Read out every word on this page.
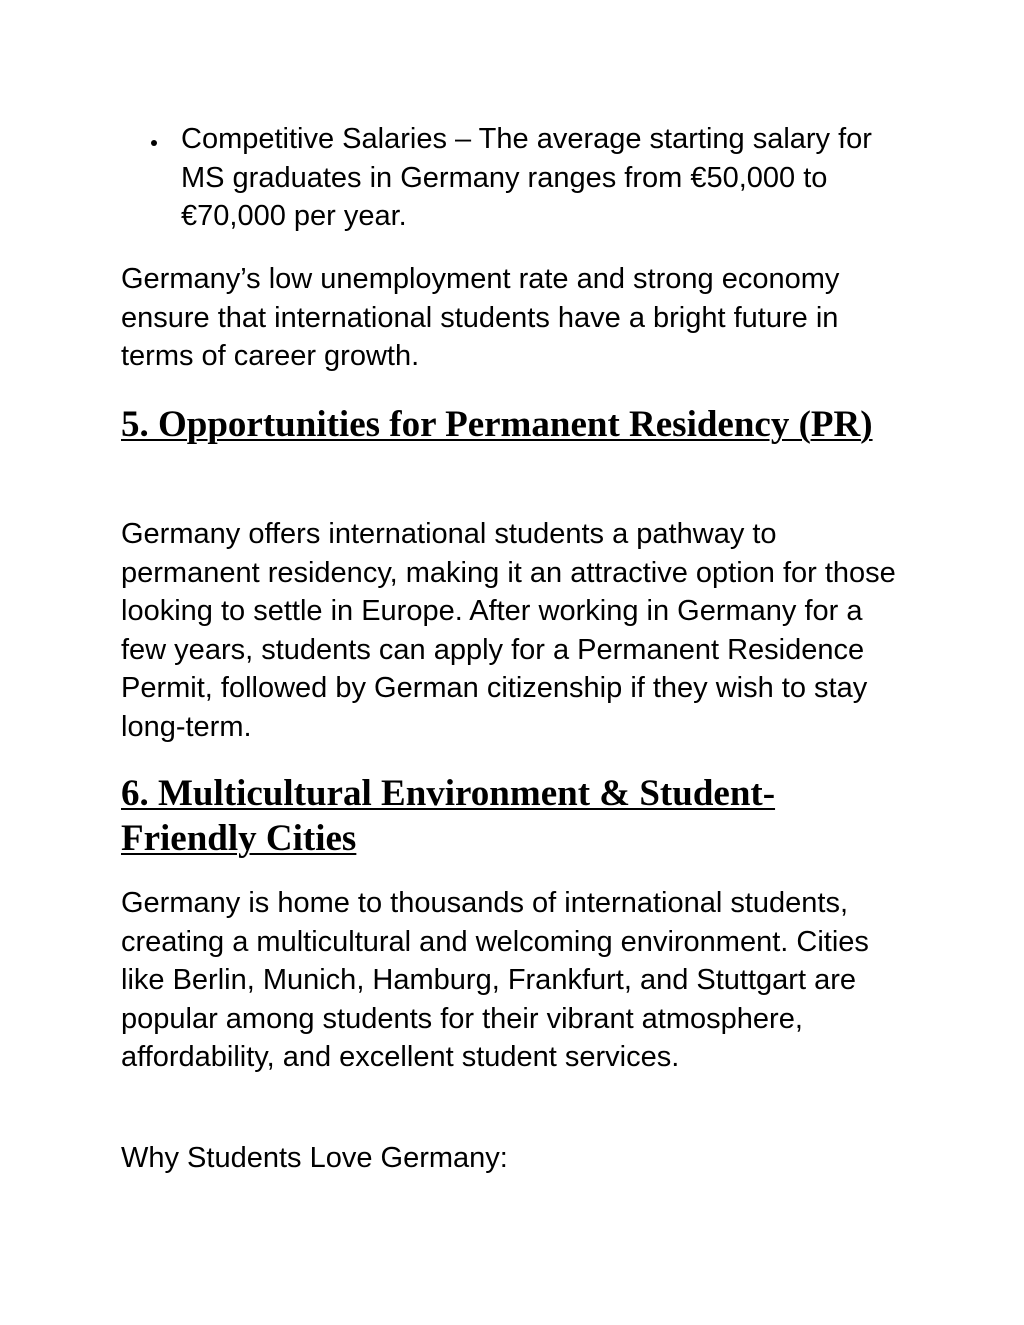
Competitive Salaries – The average starting salary for MS graduates in Germany ranges from €50,000 to €70,000 per year.

Germany’s low unemployment rate and strong economy ensure that international students have a bright future in terms of career growth.

5. Opportunities for Permanent Residency (PR)

Germany offers international students a pathway to permanent residency, making it an attractive option for those looking to settle in Europe. After working in Germany for a few years, students can apply for a Permanent Residence Permit, followed by German citizenship if they wish to stay long-term.

6. Multicultural Environment & Student-Friendly Cities

Germany is home to thousands of international students, creating a multicultural and welcoming environment. Cities like Berlin, Munich, Hamburg, Frankfurt, and Stuttgart are popular among students for their vibrant atmosphere, affordability, and excellent student services.

Why Students Love Germany:
